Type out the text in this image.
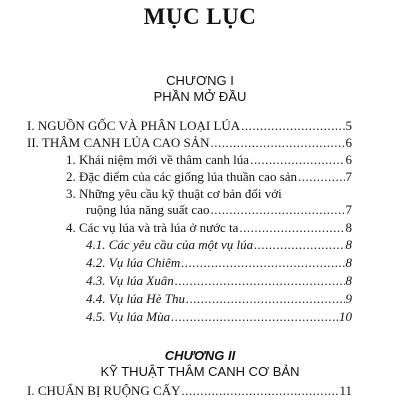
MỤC LỤC
CHƯƠNG I
PHẦN MỞ ĐẦU
I. NGUỒN GỐC VÀ PHÂN LOẠI LÚA .....	5
II. THÂM CANH LÚA CAO SẢN .....	6
1. Khái niệm mới về thâm canh lúa .....	6
2. Đặc điểm của các giống lúa thuần cao sản .....	7
3. Những yêu cầu kỹ thuật cơ bản đối với
ruộng lúa năng suất cao .....	7
4. Các vụ lúa và trà lúa ở nước ta .....	8
4.1. Các yêu cầu của một vụ lúa .....	8
4.2. Vụ lúa Chiêm .....	8
4.3. Vụ lúa Xuân .....	8
4.4. Vụ lúa Hè Thu .....	9
4.5. Vụ lúa Mùa .....	10
CHƯƠNG II
KỸ THUẬT THÂM CANH CƠ BẢN
I. CHUẨN BỊ RUỘNG CẤY .....	11
